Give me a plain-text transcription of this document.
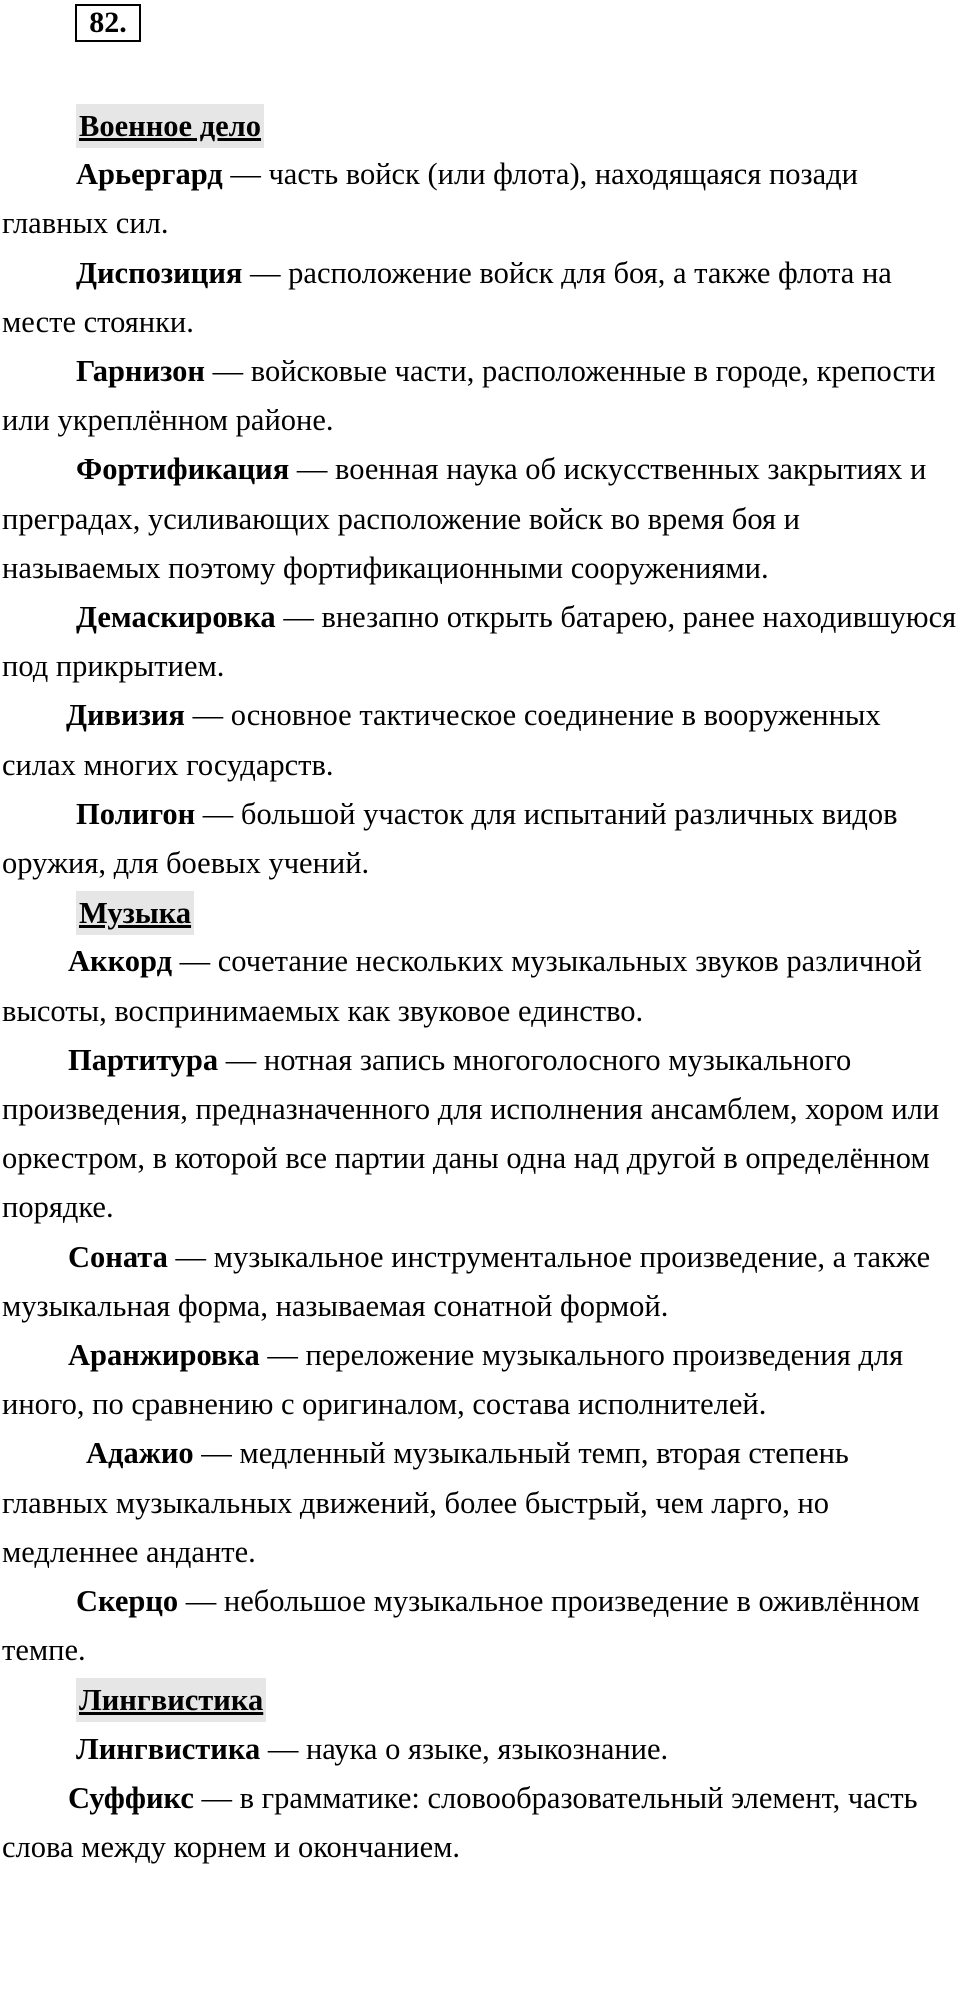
82.
Военное дело

Арьергард — часть войск (или флота), находящаяся позади главных сил.

Диспозиция — расположение войск для боя, а также флота на месте стоянки.

Гарнизон — войсковые части, расположенные в городе, крепости или укреплённом районе.

Фортификация — военная наука об искусственных закрытиях и преградах, усиливающих расположение войск во время боя и называемых поэтому фортификационными сооружениями.

Демаскировка — внезапно открыть батарею, ранее находившуюся под прикрытием.

Дивизия — основное тактическое соединение в вооруженных силах многих государств.

Полигон — большой участок для испытаний различных видов оружия, для боевых учений.

Музыка

Аккорд — сочетание нескольких музыкальных звуков различной высоты, воспринимаемых как звуковое единство.

Партитура — нотная запись многоголосного музыкального произведения, предназначенного для исполнения ансамблем, хором или оркестром, в которой все партии даны одна над другой в определённом порядке.

Соната — музыкальное инструментальное произведение, а также музыкальная форма, называемая сонатной формой.

Аранжировка — переложение музыкального произведения для иного, по сравнению с оригиналом, состава исполнителей.

Адажио — медленный музыкальный темп, вторая степень главных музыкальных движений, более быстрый, чем ларго, но медленнее анданте.

Скерцо — небольшое музыкальное произведение в оживлённом темпе.

Лингвистика

Лингвистика — наука о языке, языкознание.

Суффикс — в грамматике: словообразовательный элемент, часть слова между корнем и окончанием.
